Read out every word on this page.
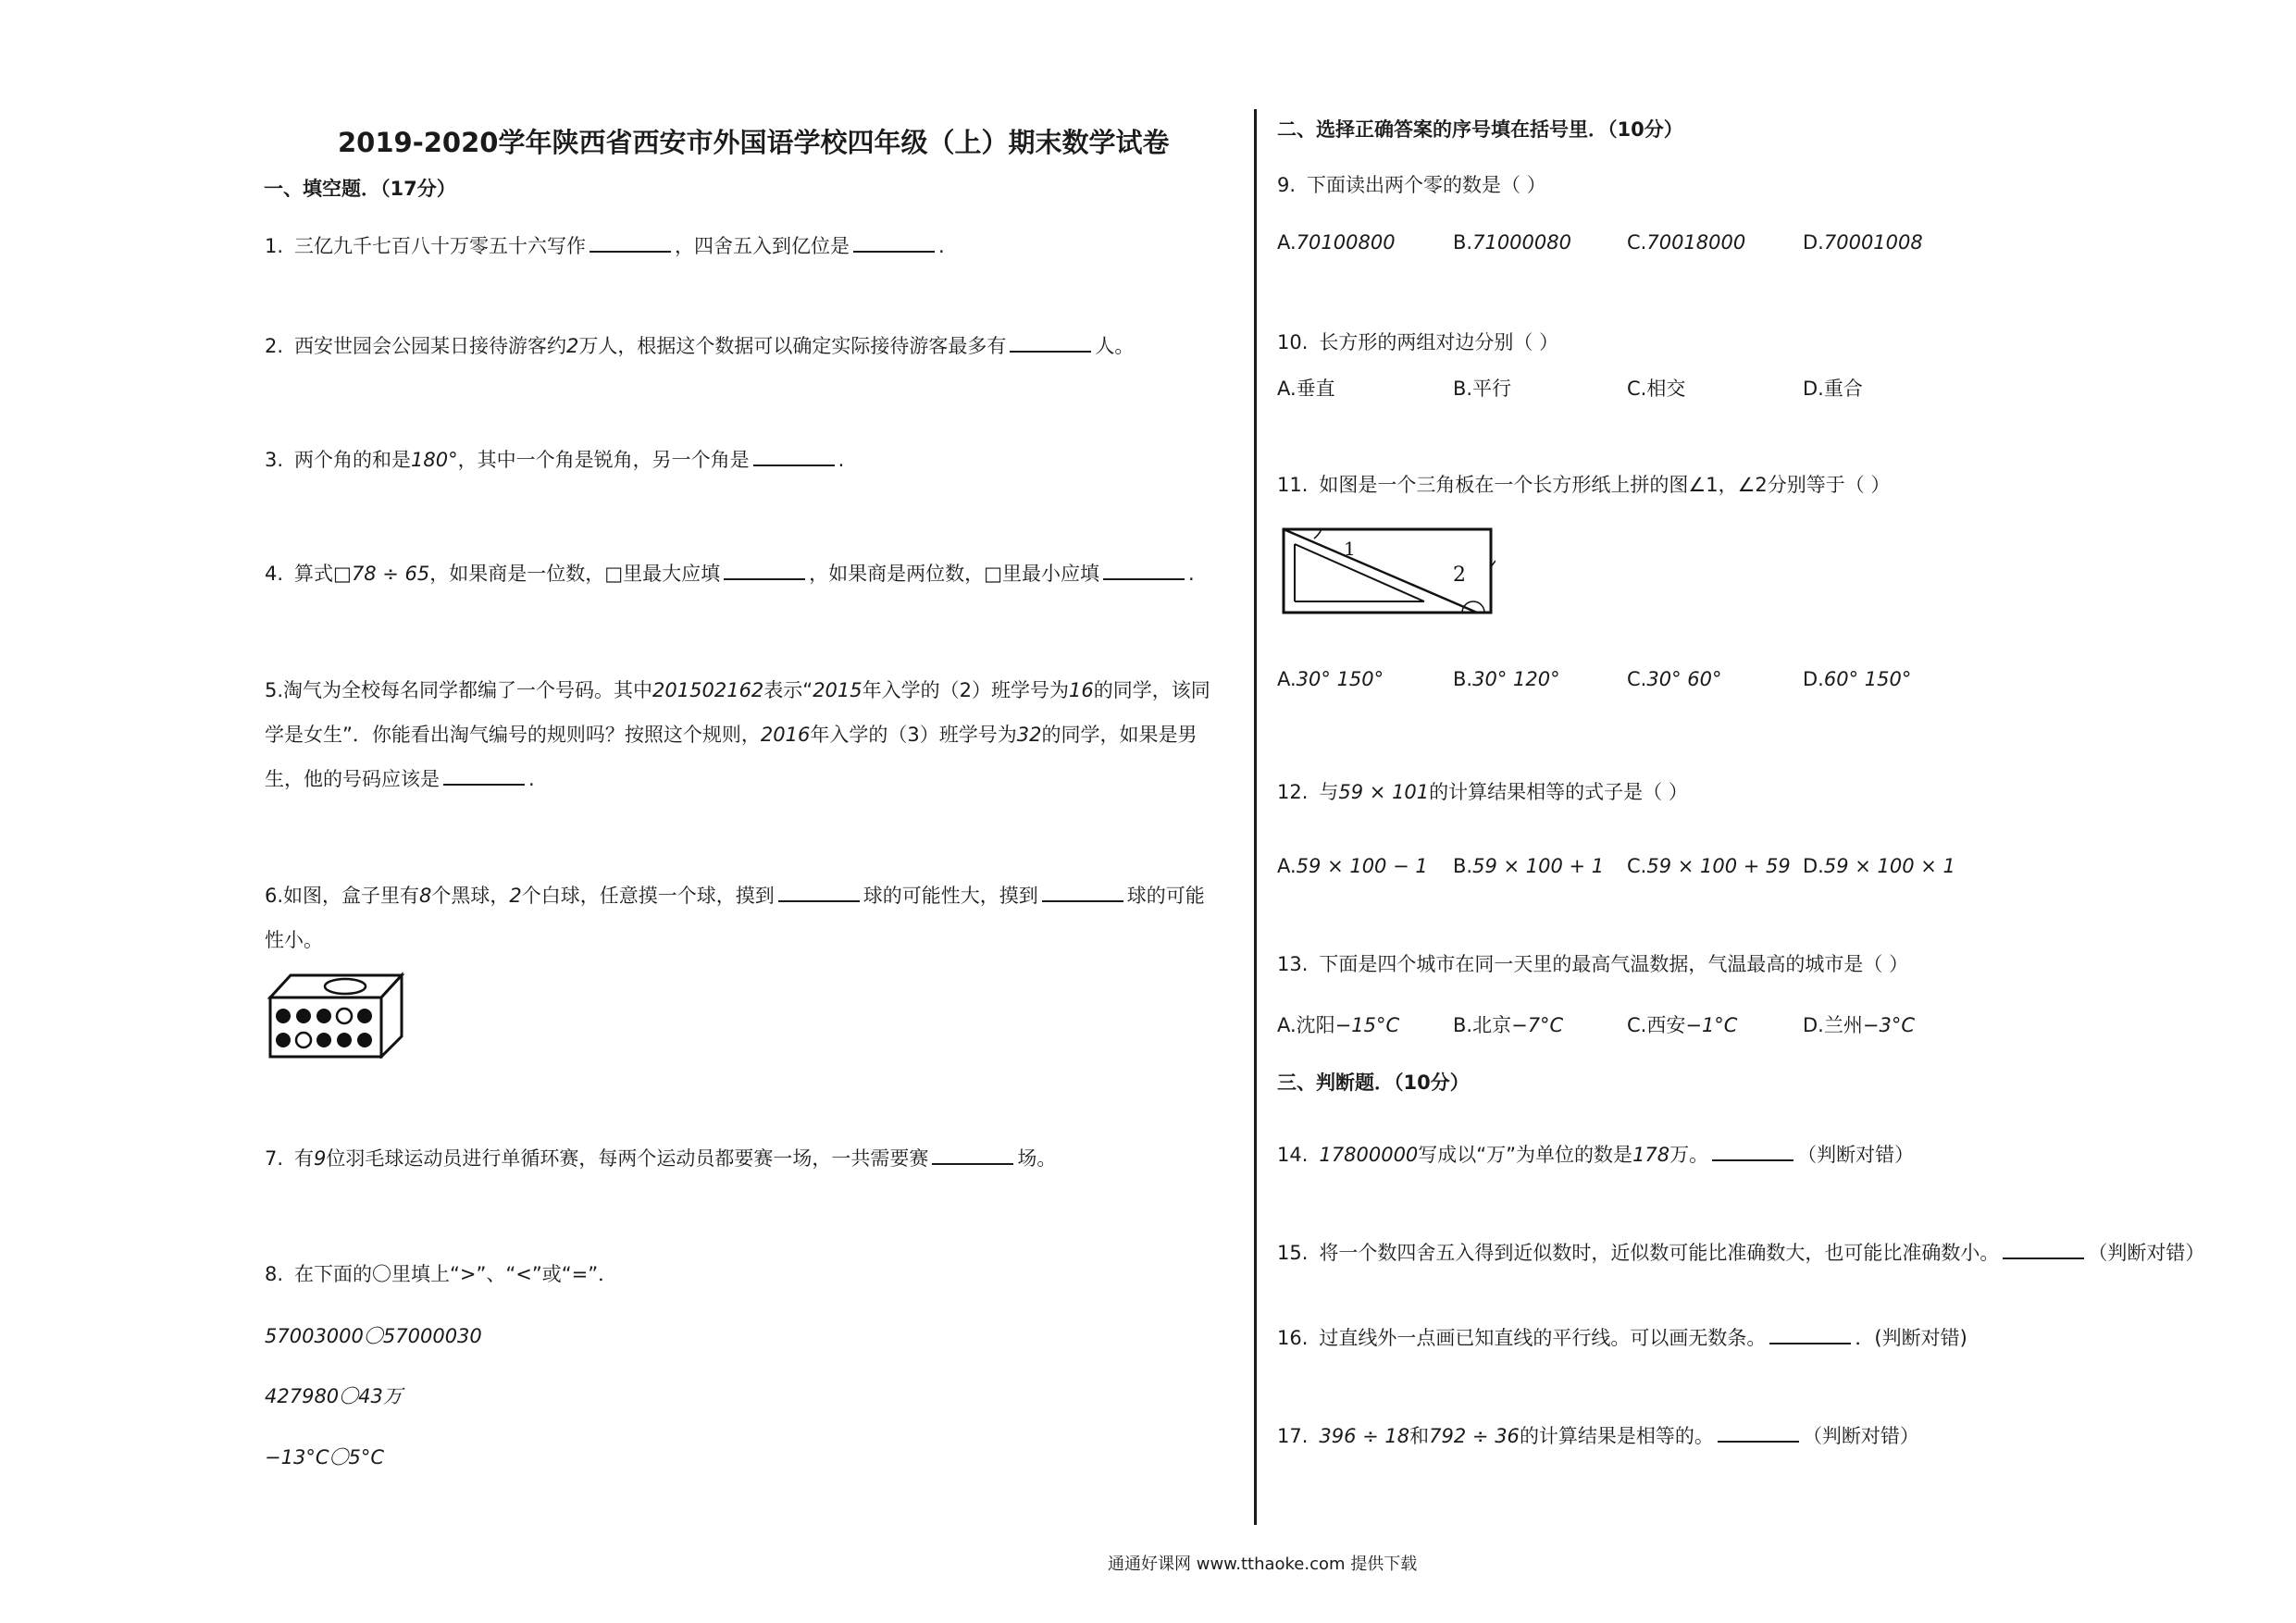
2019-2020学年陕西省西安市外国语学校四年级（上）期末数学试卷
一、填空题．（17分）
1. 三亿九千七百八十万零五十六写作	，四舍五入到亿位是	.
2. 西安世园会公园某日接待游客约2万人，根据这个数据可以确定实际接待游客最多有	人。
3. 两个角的和是180°，其中一个角是锐角，另一个角是	.
4. 算式□78 ÷ 65，如果商是一位数，□里最大应填	，如果商是两位数，□里最小应填	.
5.淘气为全校每名同学都编了一个号码。其中201502162表示“2015年入学的（2）班学号为16的同学，该同
学是女生”．你能看出淘气编号的规则吗？按照这个规则，2016年入学的（3）班学号为32的同学，如果是男
生，他的号码应该是	.
6.如图，盒子里有8个黑球，2个白球，任意摸一个球，摸到	球的可能性大，摸到	球的可能
性小。
7. 有9位羽毛球运动员进行单循环赛，每两个运动员都要赛一场，一共需要赛	场。
8. 在下面的〇里填上“>”、“<”或“=”．
57003000〇57000030
427980〇43万
−13°C〇5°C
二、选择正确答案的序号填在括号里．（10分）
9. 下面读出两个零的数是（ ）
A.70100800	B.71000080	C.70018000	D.70001008
10. 长方形的两组对边分别（ ）
A.垂直	B.平行	C.相交	D.重合
11. 如图是一个三角板在一个长方形纸上拼的图∠1，∠2分别等于（ ）
1
2
A.30° 150°	B.30° 120°	C.30° 60°	D.60° 150°
12. 与59 × 101的计算结果相等的式子是（ ）
A.59 × 100 − 1 B.59 × 100 + 1 C.59 × 100 + 59 D.59 × 100 × 1
13. 下面是四个城市在同一天里的最高气温数据，气温最高的城市是（ ）
A.沈阳−15°C	B.北京−7°C	C.西安−1°C	D.兰州−3°C
三、判断题．（10分）
14. 17800000写成以“万”为单位的数是178万。	（判断对错）
15. 将一个数四舍五入得到近似数时，近似数可能比准确数大，也可能比准确数小。	（判断对错）
16. 过直线外一点画已知直线的平行线。可以画无数条。	．(判断对错)
17. 396 ÷ 18和792 ÷ 36的计算结果是相等的。	（判断对错）
通通好课网 www.tthaoke.com 提供下载
